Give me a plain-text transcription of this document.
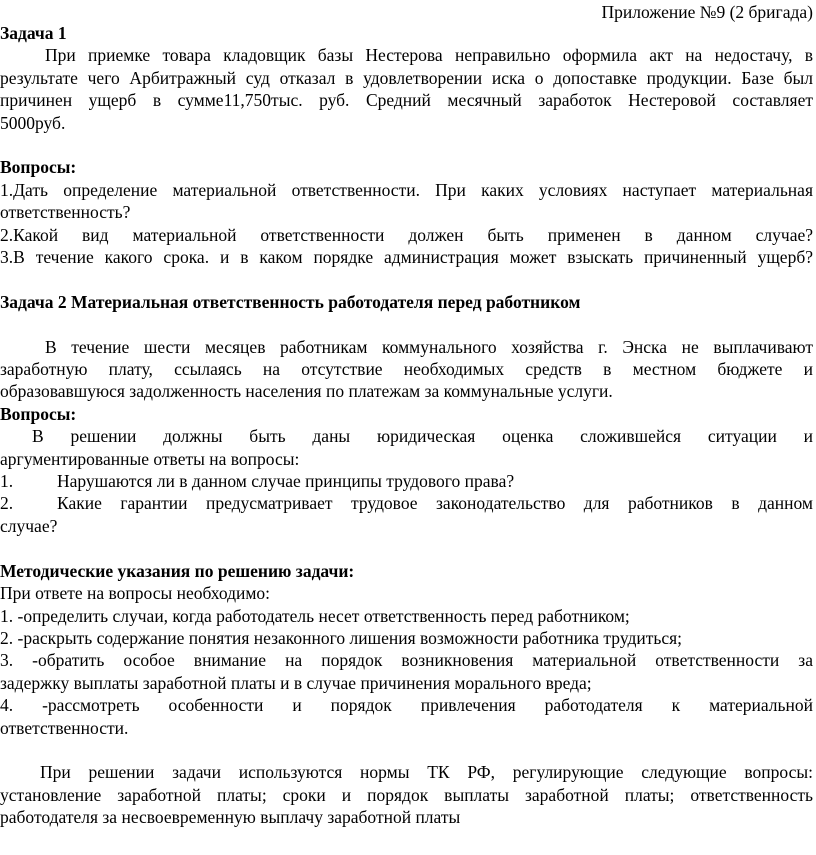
Приложение №9 (2 бригада)
Задача 1
При приемке товара кладовщик базы Нестерова неправильно оформила акт на недостачу, в
результате чего Арбитражный суд отказал в удовлетворении иска о допоставке продукции. Базе был
причинен ущерб в сумме11,750тыс. руб. Средний месячный заработок Нестеровой составляет
5000руб.
Вопросы:
1.Дать определение материальной ответственности. При каких условиях наступает материальная
ответственность?
2.Какой вид материальной ответственности должен быть применен в данном случае?
3.В течение какого срока. и в каком порядке администрация может взыскать причиненный ущерб?
Задача 2 Материальная ответственность работодателя перед работником
В течение шести месяцев работникам коммунального хозяйства г. Энска не выплачивают
заработную плату, ссылаясь на отсутствие необходимых средств в местном бюджете и
образовавшуюся задолженность населения по платежам за коммунальные услуги.
Вопросы:
В решении должны быть даны юридическая оценка сложившейся ситуации и
аргументированные ответы на вопросы:
1.	Нарушаются ли в данном случае принципы трудового права?
2.	Какие гарантии предусматривает трудовое законодательство для работников в данном
случае?
Методические указания по решению задачи:
При ответе на вопросы необходимо:
1. -определить случаи, когда работодатель несет ответственность перед работником;
2. -раскрыть содержание понятия незаконного лишения возможности работника трудиться;
3. -обратить особое внимание на порядок возникновения материальной ответственности за
задержку выплаты заработной платы и в случае причинения морального вреда;
4. -рассмотреть особенности и порядок привлечения работодателя к материальной
ответственности.
При решении задачи используются нормы ТК РФ, регулирующие следующие вопросы:
установление заработной платы; сроки и порядок выплаты заработной платы; ответственность
работодателя за несвоевременную выплачу заработной платы
